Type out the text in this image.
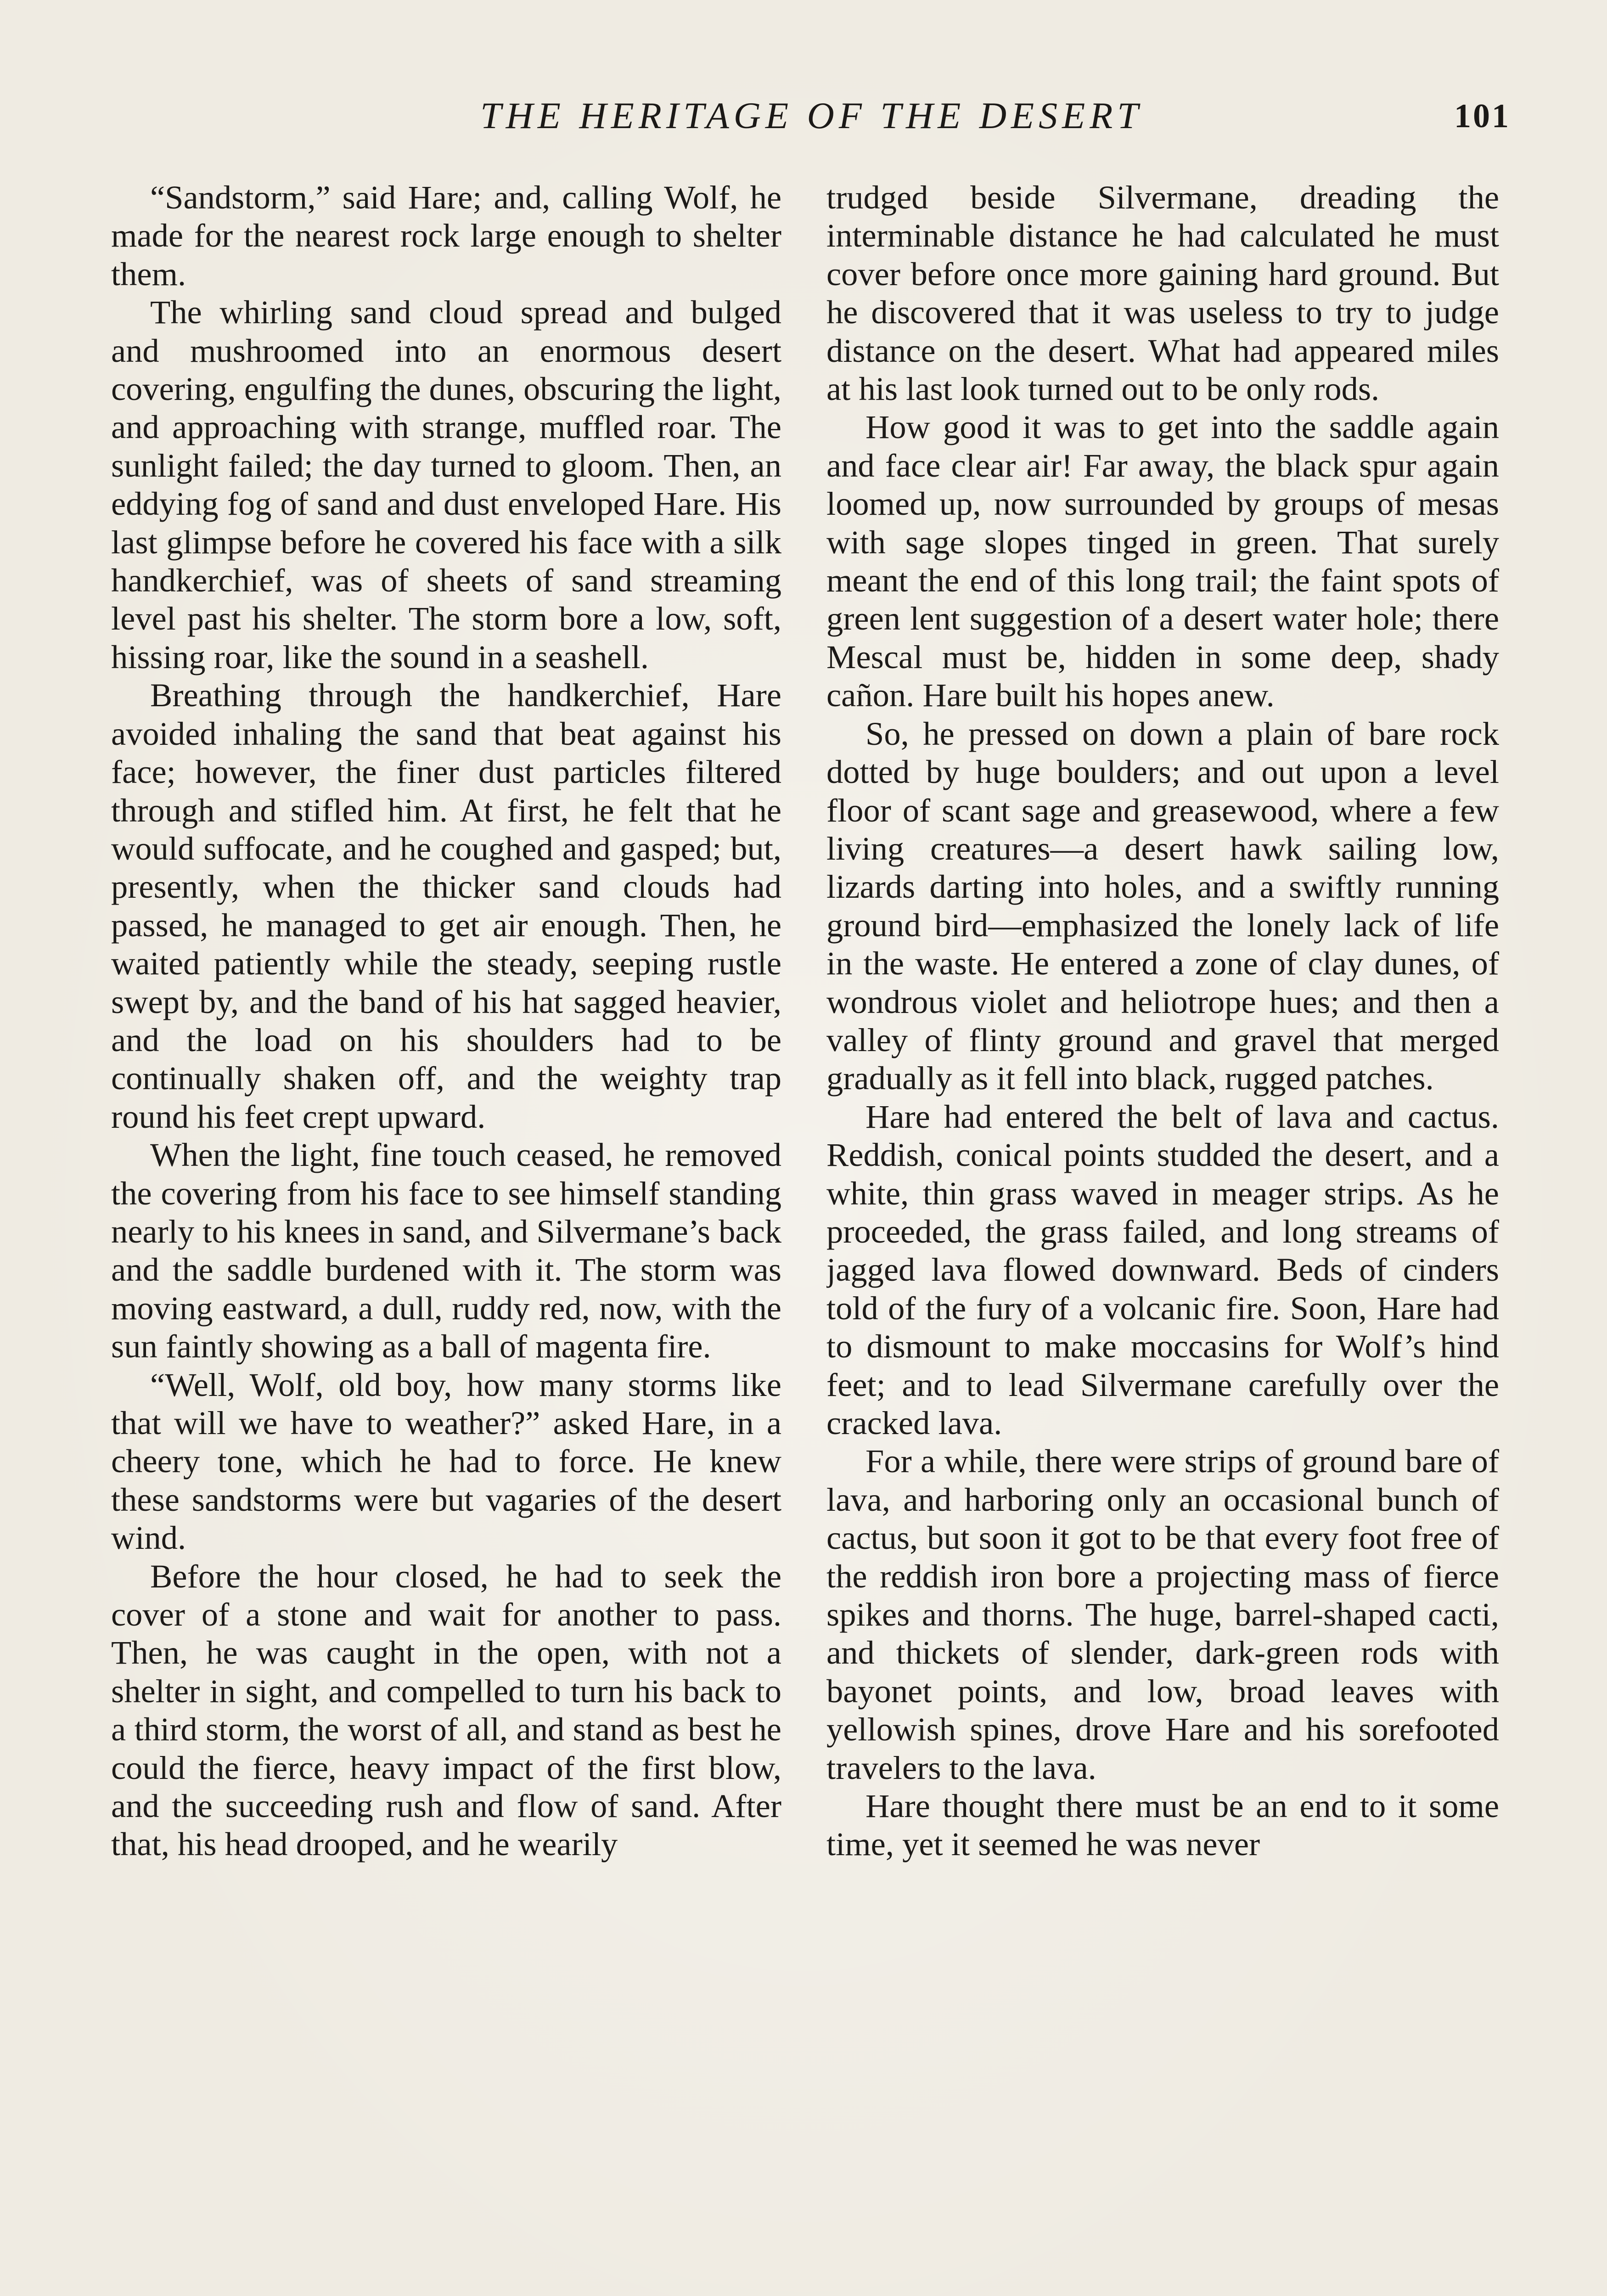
THE HERITAGE OF THE DESERT	101

“Sandstorm,” said Hare; and, calling Wolf, he made for the nearest rock large enough to shelter them.

The whirling sand cloud spread and bulged and mushroomed into an enormous desert covering, engulfing the dunes, obscuring the light, and approaching with strange, muffled roar. The sunlight failed; the day turned to gloom. Then, an eddying fog of sand and dust enveloped Hare. His last glimpse before he covered his face with a silk handkerchief, was of sheets of sand streaming level past his shelter. The storm bore a low, soft, hissing roar, like the sound in a seashell.

Breathing through the handkerchief, Hare avoided inhaling the sand that beat against his face; however, the finer dust particles filtered through and stifled him. At first, he felt that he would suffocate, and he coughed and gasped; but, presently, when the thicker sand clouds had passed, he managed to get air enough. Then, he waited patiently while the steady, seeping rustle swept by, and the band of his hat sagged heavier, and the load on his shoulders had to be continually shaken off, and the weighty trap round his feet crept upward.

When the light, fine touch ceased, he removed the covering from his face to see himself standing nearly to his knees in sand, and Silvermane’s back and the saddle burdened with it. The storm was moving eastward, a dull, ruddy red, now, with the sun faintly showing as a ball of magenta fire.

“Well, Wolf, old boy, how many storms like that will we have to weather?” asked Hare, in a cheery tone, which he had to force. He knew these sandstorms were but vagaries of the desert wind.

Before the hour closed, he had to seek the cover of a stone and wait for another to pass. Then, he was caught in the open, with not a shelter in sight, and compelled to turn his back to a third storm, the worst of all, and stand as best he could the fierce, heavy impact of the first blow, and the succeeding rush and flow of sand. After that, his head drooped, and he wearily

trudged beside Silvermane, dreading the interminable distance he had calculated he must cover before once more gaining hard ground. But he discovered that it was useless to try to judge distance on the desert. What had appeared miles at his last look turned out to be only rods.

How good it was to get into the saddle again and face clear air! Far away, the black spur again loomed up, now surrounded by groups of mesas with sage slopes tinged in green. That surely meant the end of this long trail; the faint spots of green lent suggestion of a desert water hole; there Mescal must be, hidden in some deep, shady cañon. Hare built his hopes anew.

So, he pressed on down a plain of bare rock dotted by huge boulders; and out upon a level floor of scant sage and greasewood, where a few living creatures—a desert hawk sailing low, lizards darting into holes, and a swiftly running ground bird—emphasized the lonely lack of life in the waste. He entered a zone of clay dunes, of wondrous violet and heliotrope hues; and then a valley of flinty ground and gravel that merged gradually as it fell into black, rugged patches.

Hare had entered the belt of lava and cactus. Reddish, conical points studded the desert, and a white, thin grass waved in meager strips. As he proceeded, the grass failed, and long streams of jagged lava flowed downward. Beds of cinders told of the fury of a volcanic fire. Soon, Hare had to dismount to make moccasins for Wolf’s hind feet; and to lead Silvermane carefully over the cracked lava.

For a while, there were strips of ground bare of lava, and harboring only an occasional bunch of cactus, but soon it got to be that every foot free of the reddish iron bore a projecting mass of fierce spikes and thorns. The huge, barrel-shaped cacti, and thickets of slender, dark-green rods with bayonet points, and low, broad leaves with yellowish spines, drove Hare and his sorefooted travelers to the lava.

Hare thought there must be an end to it some time, yet it seemed he was never
